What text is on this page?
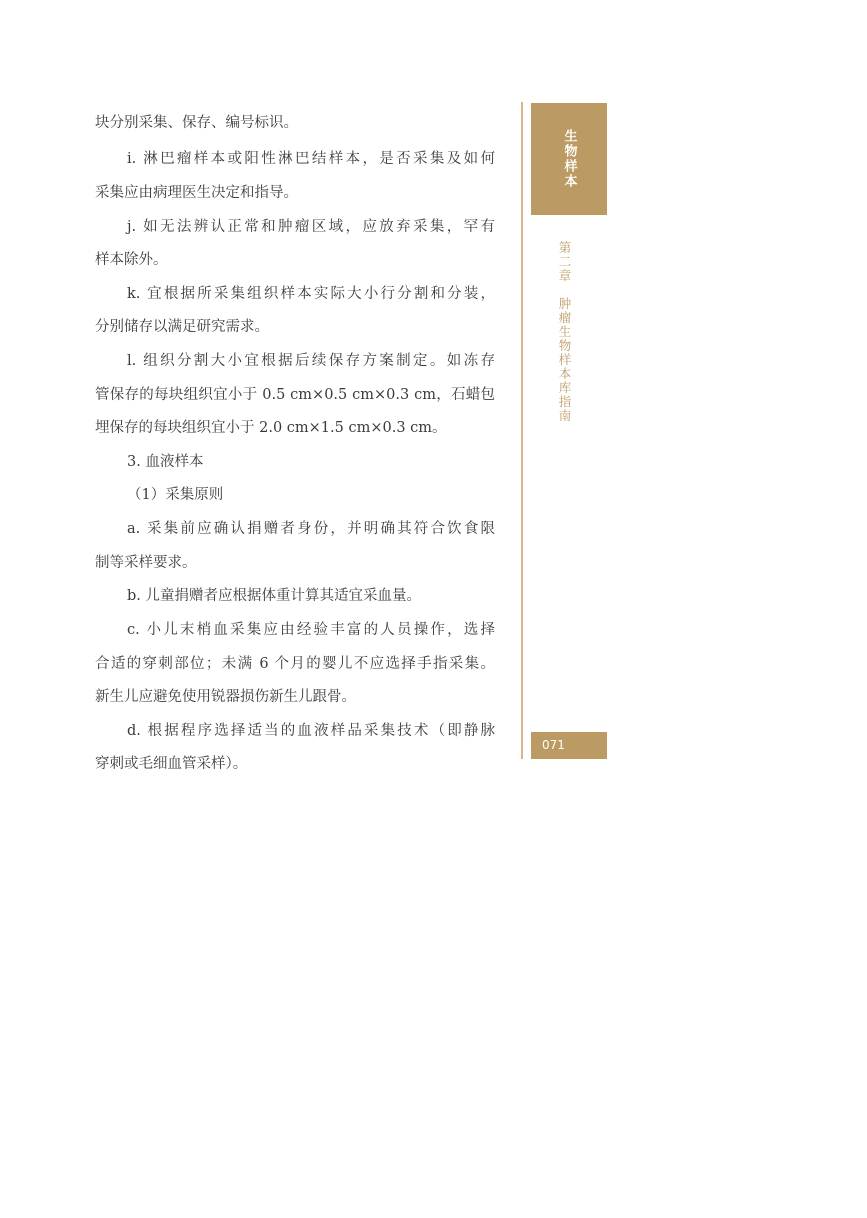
块分别采集、保存、编号标识。

i. 淋巴瘤样本或阳性淋巴结样本，是否采集及如何

采集应由病理医生决定和指导。

j. 如无法辨认正常和肿瘤区域，应放弃采集，罕有

样本除外。

k. 宜根据所采集组织样本实际大小行分割和分装，

分别储存以满足研究需求。

l. 组织分割大小宜根据后续保存方案制定。如冻存

管保存的每块组织宜小于 0.5 cm×0.5 cm×0.3 cm，石蜡包

埋保存的每块组织宜小于 2.0 cm×1.5 cm×0.3 cm。

3. 血液样本

（1）采集原则

a. 采集前应确认捐赠者身份，并明确其符合饮食限

制等采样要求。

b. 儿童捐赠者应根据体重计算其适宜采血量。

c. 小儿末梢血采集应由经验丰富的人员操作，选择

合适的穿刺部位；未满 6 个月的婴儿不应选择手指采集。

新生儿应避免使用锐器损伤新生儿跟骨。

d. 根据程序选择适当的血液样品采集技术（即静脉

穿刺或毛细血管采样）。

生物样本
第二章　肿瘤生物样本库指南
071
